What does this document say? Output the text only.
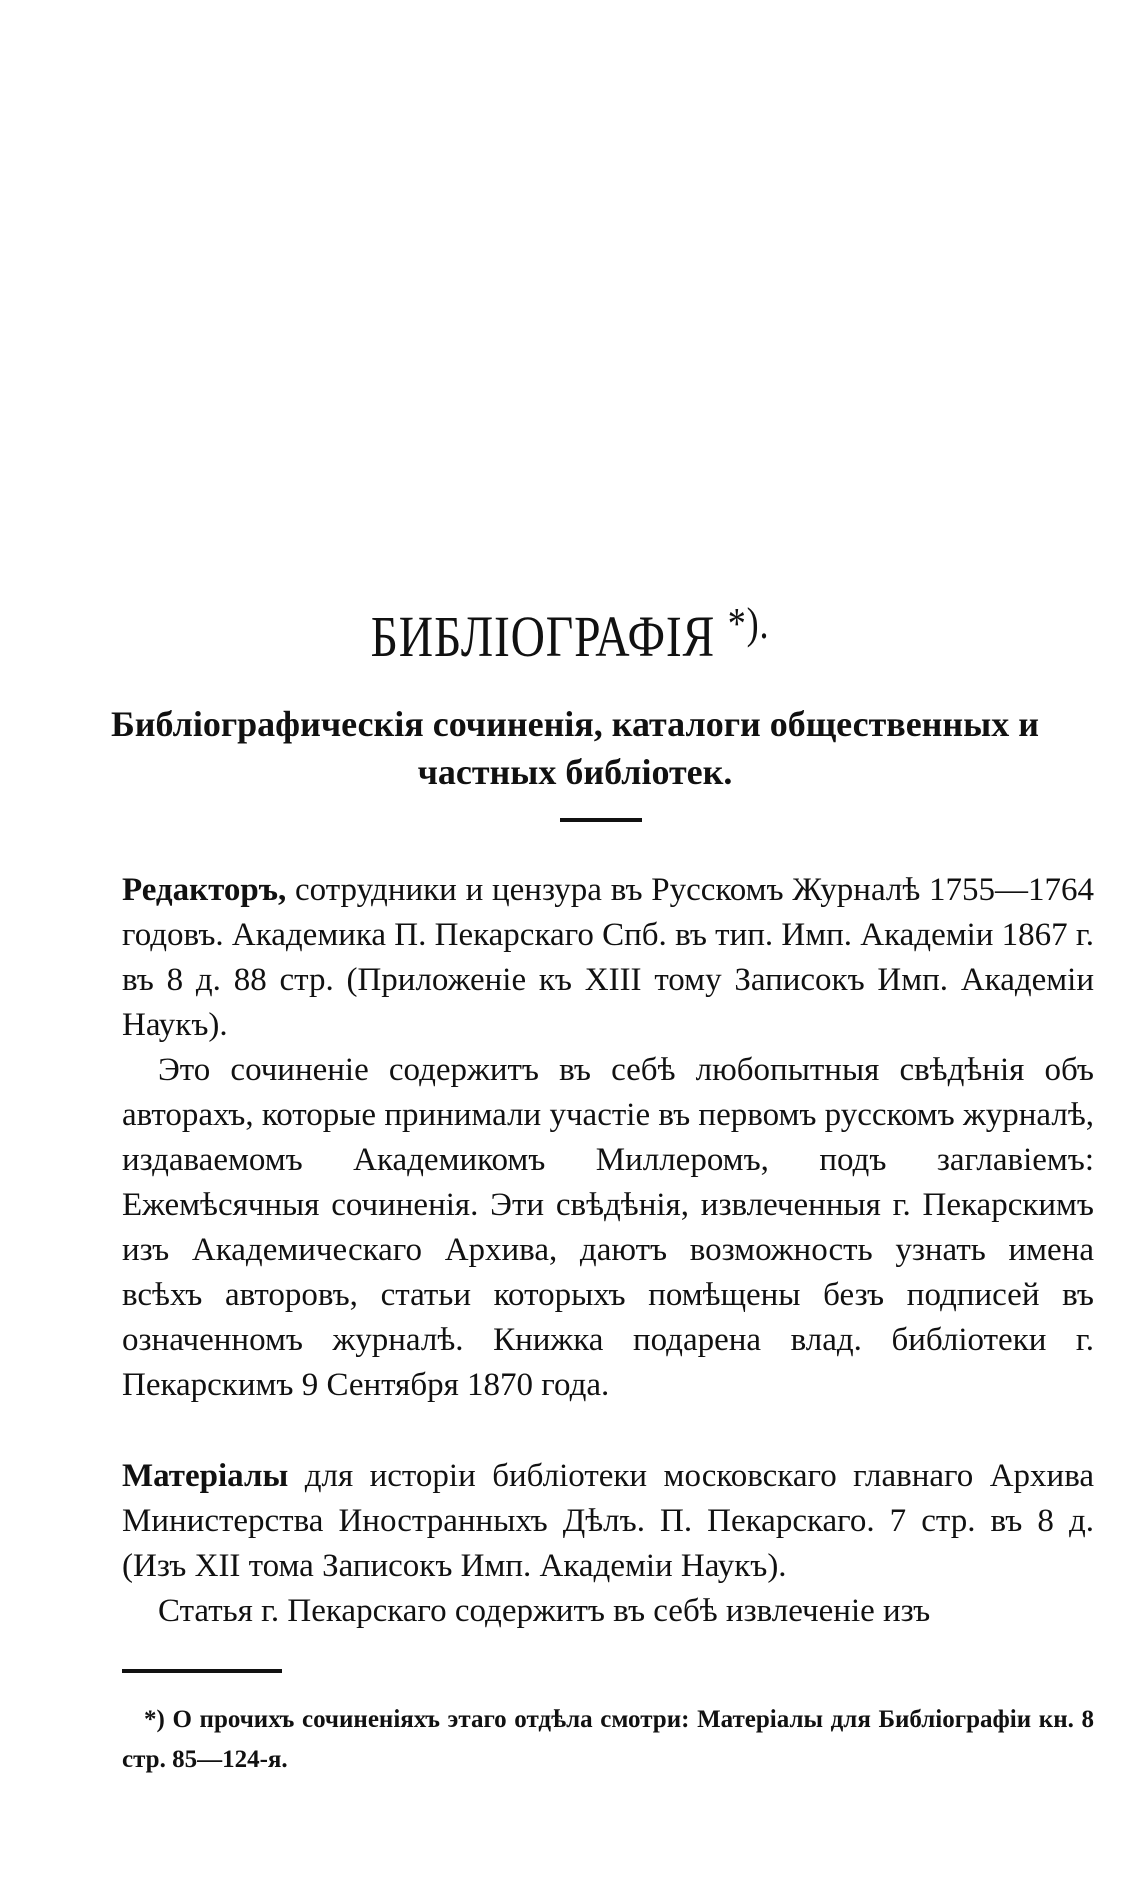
БИБЛІОГРАФІЯ *).
Библіографическія сочиненія, каталоги общественных и частных библіотек.

Редакторъ, сотрудники и цензура въ Русскомъ Журналѣ 1755—1764 годовъ. Академика П. Пекарскаго Спб. въ тип. Имп. Академіи 1867 г. въ 8 д. 88 стр. (Приложеніе къ XIII тому Записокъ Имп. Академіи Наукъ).

Это сочиненіе содержитъ въ себѣ любопытныя свѣдѣнія объ авторахъ, которые принимали участіе въ первомъ русскомъ журналѣ, издаваемомъ Академикомъ Миллеромъ, подъ заглавіемъ: Ежемѣсячныя сочиненія. Эти свѣдѣнія, извлеченныя г. Пекарскимъ изъ Академическаго Архива, даютъ возможность узнать имена всѣхъ авторовъ, статьи которыхъ помѣщены безъ подписей въ означенномъ журналѣ. Книжка подарена влад. библіотеки г. Пекарскимъ 9 Сентября 1870 года.

Матеріалы для исторіи библіотеки московскаго главнаго Архива Министерства Иностранныхъ Дѣлъ. П. Пекарскаго. 7 стр. въ 8 д. (Изъ XII тома Записокъ Имп. Академіи Наукъ).

Статья г. Пекарскаго содержитъ въ себѣ извлеченіе изъ

*) О прочихъ сочиненіяхъ этаго отдѣла смотри: Матеріалы для Библіографіи кн. 8 стр. 85—124-я.
